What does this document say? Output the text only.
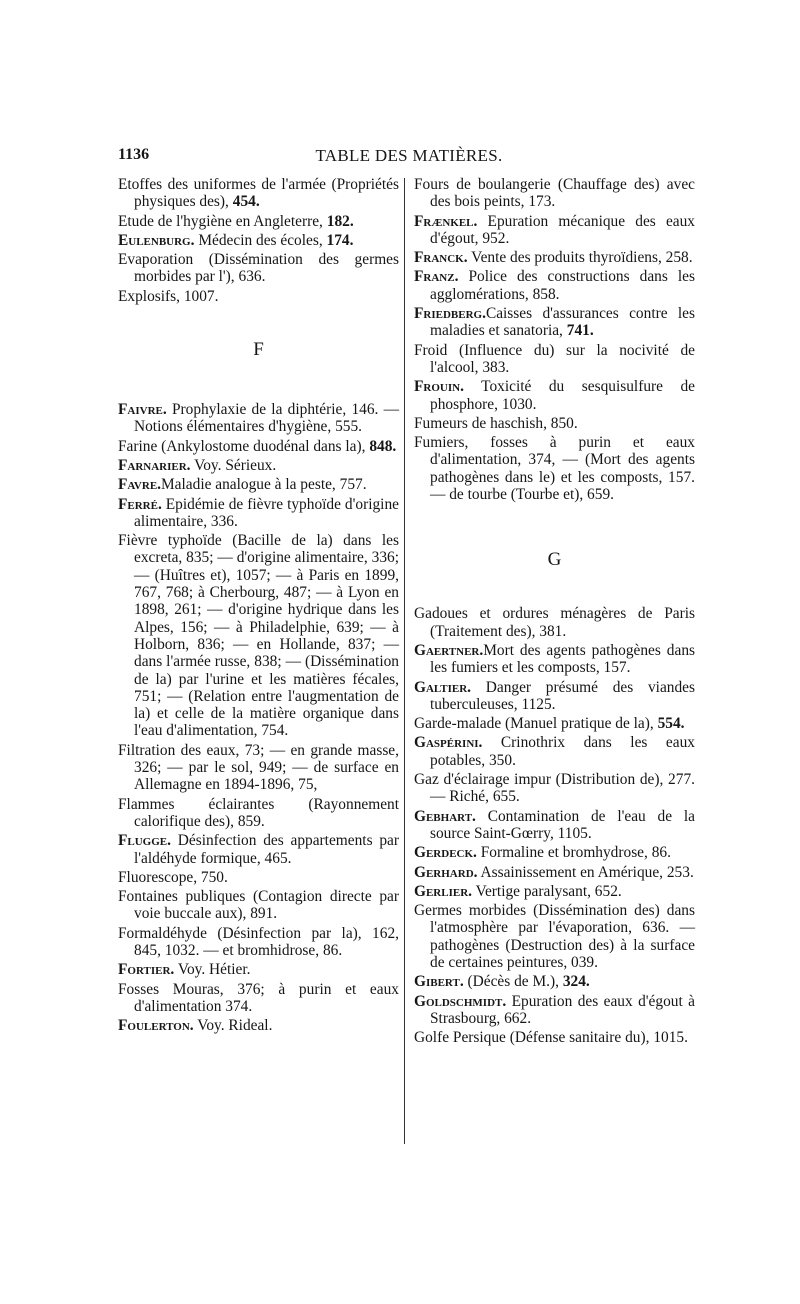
1136	TABLE DES MATIÈRES.

Etoffes des uniformes de l'armée (Propriétés physiques des), 454.

Etude de l'hygiène en Angleterre, 182.

Eulenburg. Médecin des écoles, 174.

Evaporation (Dissémination des germes morbides par l'), 636.

Explosifs, 1007.

F

Faivre. Prophylaxie de la diphtérie, 146. — Notions élémentaires d'hygiène, 555.

Farine (Ankylostome duodénal dans la), 848.

Farnarier. Voy. Sérieux.

Favre.Maladie analogue à la peste, 757.

Ferré. Epidémie de fièvre typhoïde d'origine alimentaire, 336.

Fièvre typhoïde (Bacille de la) dans les excreta, 835; — d'origine alimentaire, 336; — (Huîtres et), 1057; — à Paris en 1899, 767, 768; à Cherbourg, 487; — à Lyon en 1898, 261; — d'origine hydrique dans les Alpes, 156; — à Philadelphie, 639; — à Holborn, 836; — en Hollande, 837; — dans l'armée russe, 838; — (Dissémination de la) par l'urine et les matières fécales, 751; — (Relation entre l'augmentation de la) et celle de la matière organique dans l'eau d'alimentation, 754.

Filtration des eaux, 73; — en grande masse, 326; — par le sol, 949; — de surface en Allemagne en 1894-1896, 75,

Flammes éclairantes (Rayonnement calorifique des), 859.

Flugge. Désinfection des appartements par l'aldéhyde formique, 465.

Fluorescope, 750.

Fontaines publiques (Contagion directe par voie buccale aux), 891.

Formaldéhyde (Désinfection par la), 162, 845, 1032. — et bromhidrose, 86.

Fortier. Voy. Hétier.

Fosses Mouras, 376; à purin et eaux d'alimentation 374.

Foulerton. Voy. Rideal.

Fours de boulangerie (Chauffage des) avec des bois peints, 173.

Frænkel. Epuration mécanique des eaux d'égout, 952.

Franck. Vente des produits thyroïdiens, 258.

Franz. Police des constructions dans les agglomérations, 858.

Friedberg.Caisses d'assurances contre les maladies et sanatoria, 741.

Froid (Influence du) sur la nocivité de l'alcool, 383.

Frouin. Toxicité du sesquisulfure de phosphore, 1030.

Fumeurs de haschish, 850.

Fumiers, fosses à purin et eaux d'alimentation, 374, — (Mort des agents pathogènes dans le) et les composts, 157. — de tourbe (Tourbe et), 659.

G

Gadoues et ordures ménagères de Paris (Traitement des), 381.

Gaertner.Mort des agents pathogènes dans les fumiers et les composts, 157.

Galtier. Danger présumé des viandes tuberculeuses, 1125.

Garde-malade (Manuel pratique de la), 554.

Gaspérini. Crinothrix dans les eaux potables, 350.

Gaz d'éclairage impur (Distribution de), 277. — Riché, 655.

Gebhart. Contamination de l'eau de la source Saint-Gœrry, 1105.

Gerdeck. Formaline et bromhydrose, 86.

Gerhard. Assainissement en Amérique, 253.

Gerlier. Vertige paralysant, 652.

Germes morbides (Dissémination des) dans l'atmosphère par l'évaporation, 636. — pathogènes (Destruction des) à la surface de certaines peintures, 039.

Gibert. (Décès de M.), 324.

Goldschmidt. Epuration des eaux d'égout à Strasbourg, 662.

Golfe Persique (Défense sanitaire du), 1015.
